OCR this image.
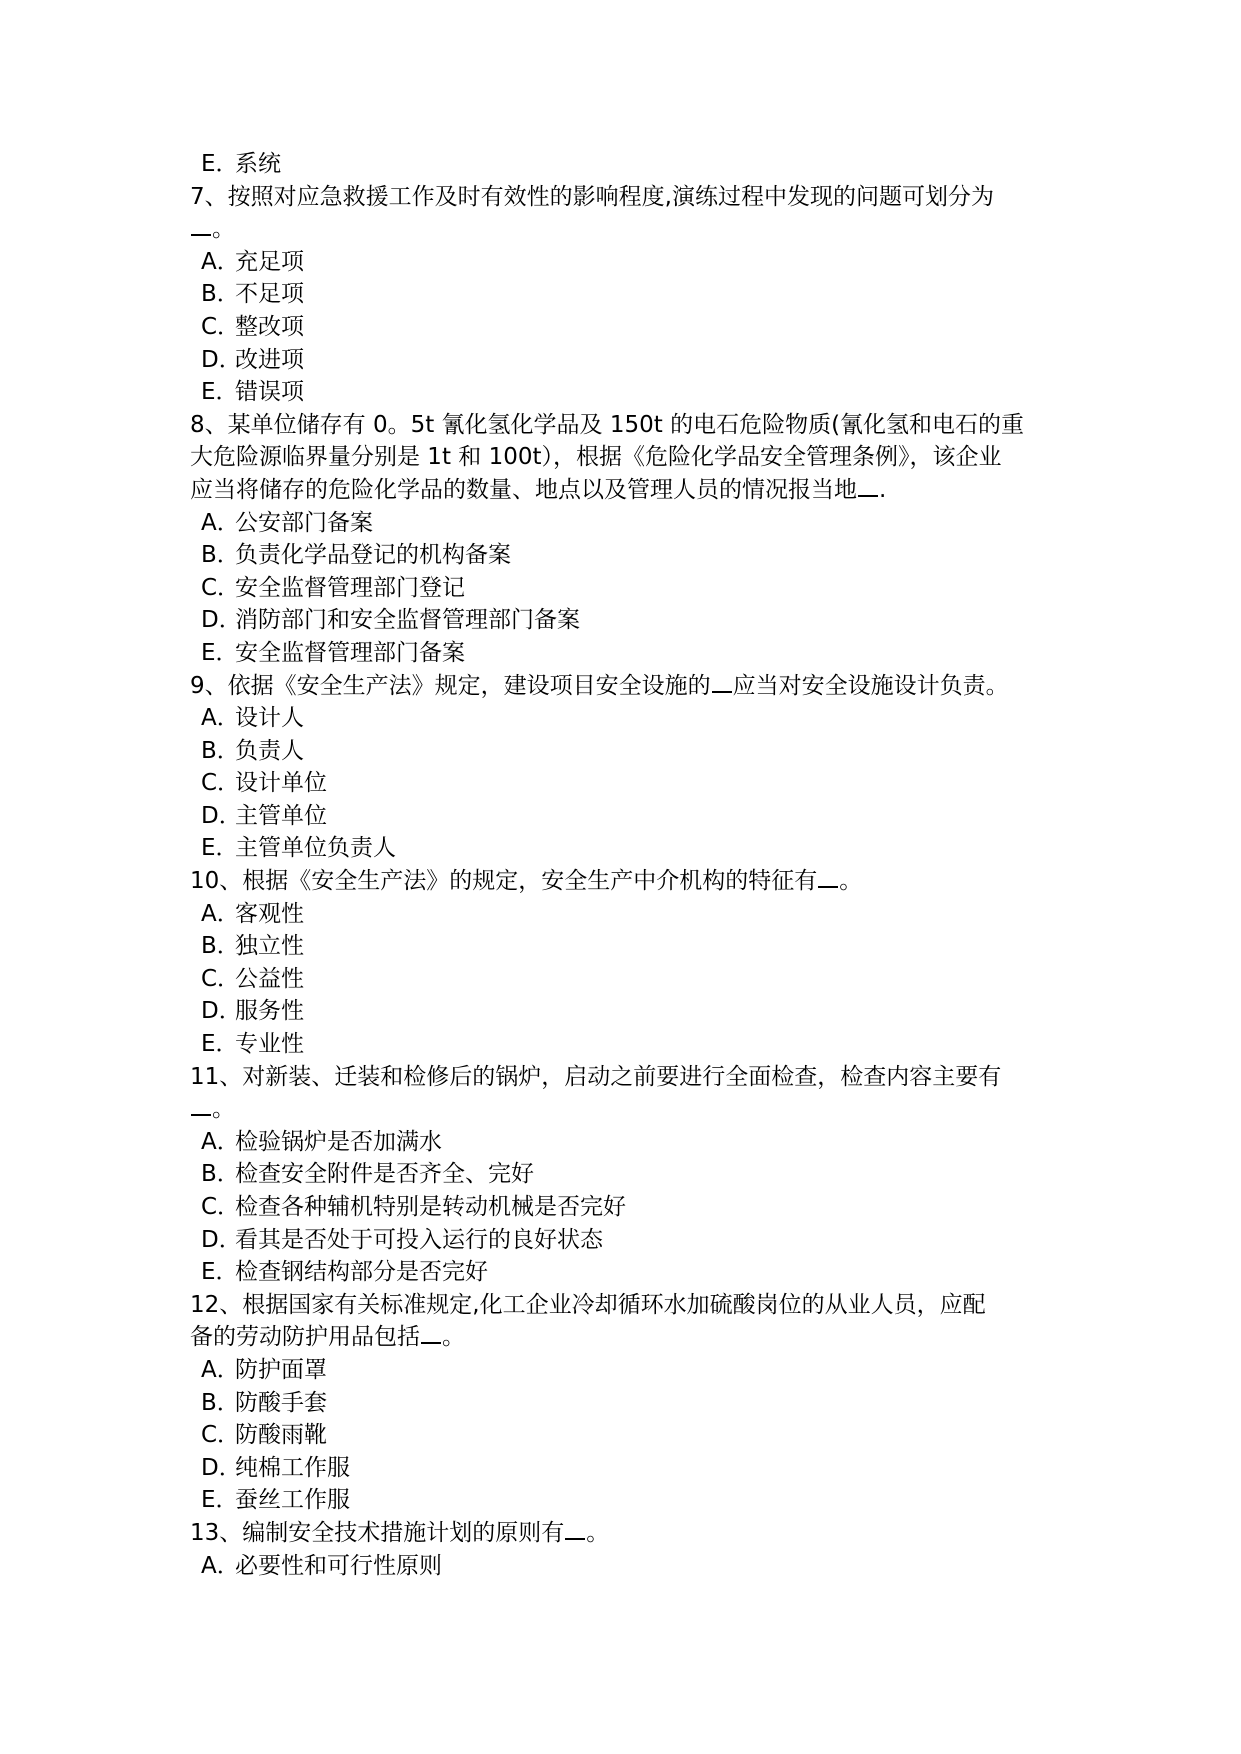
E．系统
7、按照对应急救援工作及时有效性的影响程度,演练过程中发现的问题可划分为
。
A．充足项
B．不足项
C．整改项
D．改进项
E．错误项
8、某单位储存有 0。5t 氰化氢化学品及 150t 的电石危险物质(氰化氢和电石的重
大危险源临界量分别是 1t 和 100t），根据《危险化学品安全管理条例》，该企业
应当将储存的危险化学品的数量、地点以及管理人员的情况报当地 .
A．公安部门备案
B．负责化学品登记的机构备案
C．安全监督管理部门登记
D．消防部门和安全监督管理部门备案
E．安全监督管理部门备案
9、依据《安全生产法》规定，建设项目安全设施的 应当对安全设施设计负责。
A．设计人
B．负责人
C．设计单位
D．主管单位
E．主管单位负责人
10、根据《安全生产法》的规定，安全生产中介机构的特征有 。
A．客观性
B．独立性
C．公益性
D．服务性
E．专业性
11、对新装、迁装和检修后的锅炉，启动之前要进行全面检查，检查内容主要有
。
A．检验锅炉是否加满水
B．检查安全附件是否齐全、完好
C．检查各种辅机特别是转动机械是否完好
D．看其是否处于可投入运行的良好状态
E．检查钢结构部分是否完好
12、根据国家有关标准规定,化工企业冷却循环水加硫酸岗位的从业人员，应配
备的劳动防护用品包括 。
A．防护面罩
B．防酸手套
C．防酸雨靴
D．纯棉工作服
E．蚕丝工作服
13、编制安全技术措施计划的原则有 。
A．必要性和可行性原则
